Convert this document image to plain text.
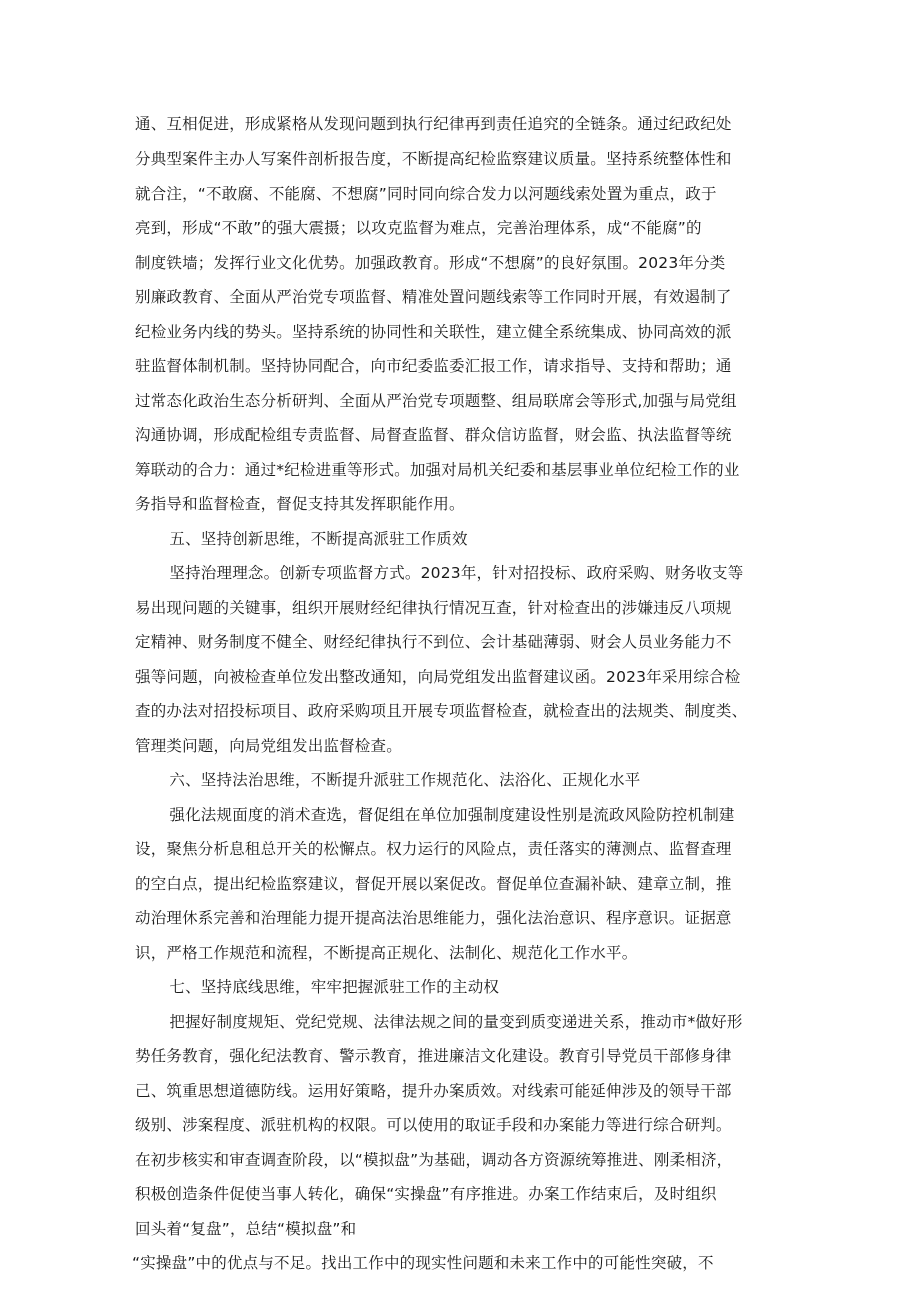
通、互相促进，形成紧格从发现问题到执行纪律再到责任追究的全链条。通过纪政纪处
分典型案件主办人写案件剖析报告度，不断提高纪检监察建议质量。坚持系统整体性和
就合注，“不敢腐、不能腐、不想腐”同时同向综合发力以河题线索处置为重点，政于
亮到，形成“不敢”的强大震摄；以攻克监督为难点，完善治理体系，成“不能腐”的
制度铁墙；发挥行业文化优势。加强政教育。形成“不想腐”的良好氛围。2023年分类
别廉政教育、全面从严治党专项监督、精准处置问题线索等工作同时开展，有效遏制了
纪检业务内线的势头。坚持系统的协同性和关联性，建立健全系统集成、协同高效的派
驻监督体制机制。坚持协同配合，向市纪委监委汇报工作，请求指导、支持和帮助；通
过常态化政治生态分析研判、全面从严治党专项题整、组局联席会等形式,加强与局党组
沟通协调，形成配检组专责监督、局督查监督、群众信访监督，财会监、执法监督等统
筹联动的合力：通过*纪检进重等形式。加强对局机关纪委和基层事业单位纪检工作的业
务指导和监督检查，督促支持其发挥职能作用。
　　五、坚持创新思维，不断提高派驻工作质效
　　坚持治理理念。创新专项监督方式。2023年，针对招投标、政府采购、财务收支等
易出现问题的关键事，组织开展财经纪律执行情况互查，针对检查出的涉嫌违反八项规
定精神、财务制度不健全、财经纪律执行不到位、会计基础薄弱、财会人员业务能力不
强等问题，向被检查单位发出整改通知，向局党组发出监督建议函。2023年采用综合检
查的办法对招投标项目、政府采购项且开展专项监督检查，就检查出的法规类、制度类、
管理类问题，向局党组发出监督检查。
　　六、坚持法治思维，不断提升派驻工作规范化、法浴化、正规化水平
　　强化法规面度的消术查选，督促组在单位加强制度建设性别是流政风险防控机制建
设，聚焦分析息租总开关的松懈点。权力运行的风险点，责任落实的薄测点、监督查理
的空白点，提出纪检监察建议，督促开展以案促改。督促单位查漏补缺、建章立制，推
动治理休系完善和治理能力提开提高法治思维能力，强化法治意识、程序意识。证据意
识，严格工作规范和流程，不断提高正规化、法制化、规范化工作水平。
　　七、坚持底线思维，牢牢把握派驻工作的主动权
　　把握好制度规矩、党纪党规、法律法规之间的量变到质变递进关系，推动市*做好形
势任务教育，强化纪法教育、警示教育，推进廉洁文化建设。教育引导党员干部修身律
己、筑重思想道德防线。运用好策略，提升办案质效。对线索可能延伸涉及的领导干部
级别、涉案程度、派驻机构的权限。可以使用的取证手段和办案能力等进行综合研判。
在初步核实和审查调查阶段，以“模拟盘”为基础，调动各方资源统筹推进、刚柔相济，
积极创造条件促使当事人转化，确保“实操盘”有序推进。办案工作结束后，及时组织
回头着“复盘”，总结“模拟盘”和
“实操盘”中的优点与不足。找出工作中的现实性问题和未来工作中的可能性突破，不
